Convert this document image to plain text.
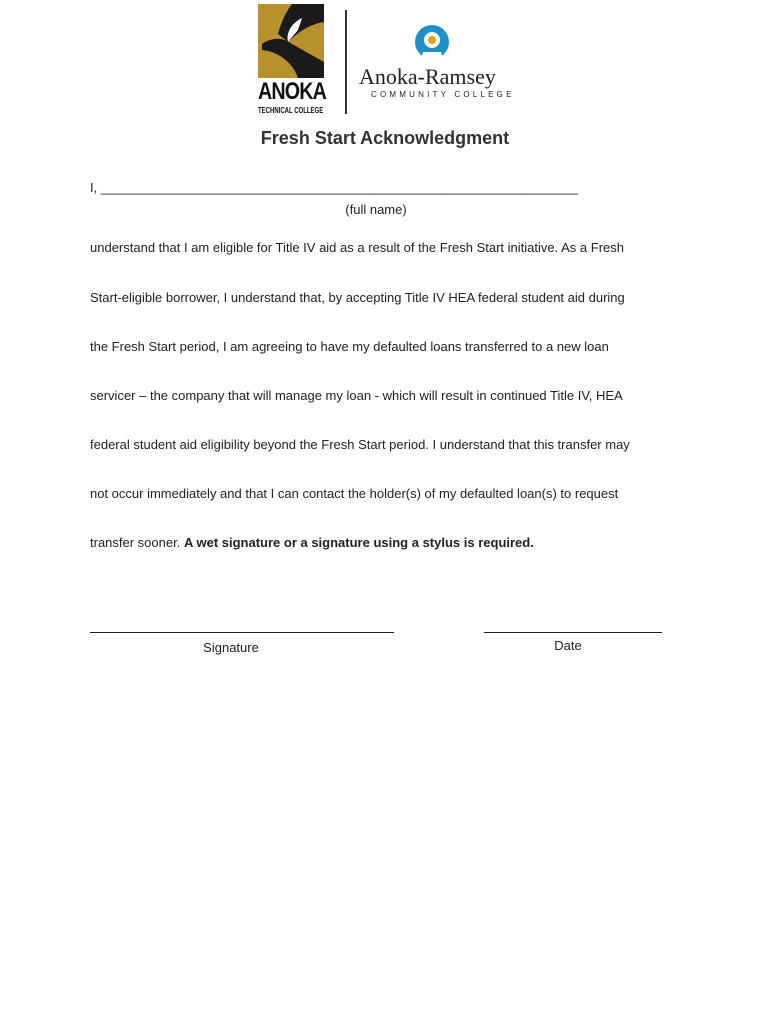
ANOKA
TECHNICAL COLLEGE
Anoka-Ramsey
COMMUNITY COLLEGE
Fresh Start Acknowledgment
I, __________________________________________________________________
(full name)
understand that I am eligible for Title IV aid as a result of the Fresh Start initiative. As a Fresh
Start-eligible borrower, I understand that, by accepting Title IV HEA federal student aid during
the Fresh Start period, I am agreeing to have my defaulted loans transferred to a new loan
servicer – the company that will manage my loan - which will result in continued Title IV, HEA
federal student aid eligibility beyond the Fresh Start period. I understand that this transfer may
not occur immediately and that I can contact the holder(s) of my defaulted loan(s) to request
transfer sooner. A wet signature or a signature using a stylus is required.
Signature	Date
